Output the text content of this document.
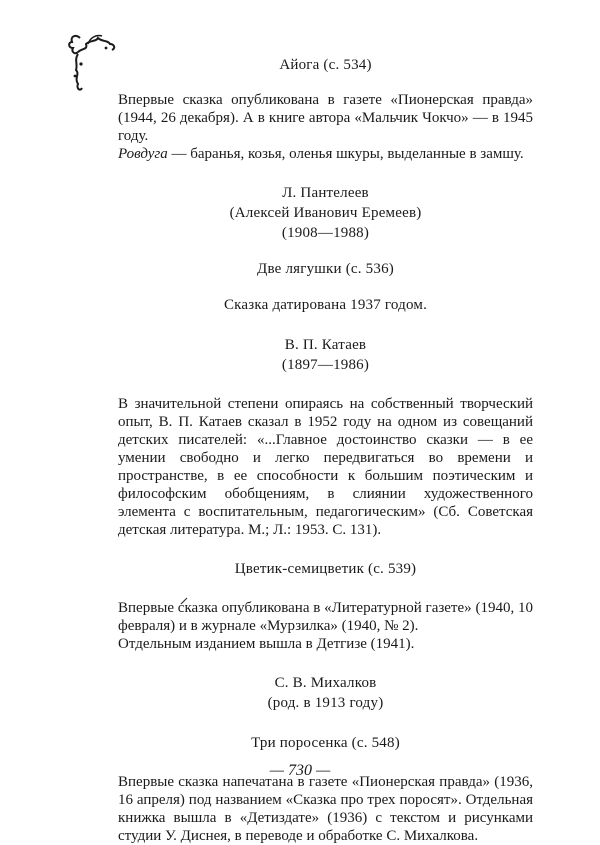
Айога (с. 534)

Впервые сказка опубликована в газете «Пионерская правда» (1944, 26 декабря). А в книге автора «Мальчик Чокчо» — в 1945 году.

Ровдуга — баранья, козья, оленья шкуры, выделанные в замшу.

Л. Пантелеев
(Алексей Иванович Еремеев)
(1908—1988)
Две лягушки (с. 536)
Сказка датирована 1937 годом.
В. П. Катаев
(1897—1986)

В значительной степени опираясь на собственный творческий опыт, В. П. Катаев сказал в 1952 году на одном из совещаний детских писателей: «...Главное достоинство сказки — в ее умении свободно и легко передвигаться во времени и пространстве, в ее способности к большим поэтическим и философским обобщениям, в слиянии художественного элемента с воспитательным, педагогическим» (Сб. Советская детская литература. М.; Л.: 1953. С. 131).

Цветик-семицветик (с. 539)

Впервые сказка опубликована в «Литературной газете» (1940, 10 февраля) и в журнале «Мурзилка» (1940, № 2).

Отдельным изданием вышла в Детгизе (1941).

С. В. Михалков
(род. в 1913 году)
Три поросенка (с. 548)

Впервые сказка напечатана в газете «Пионерская правда» (1936, 16 апреля) под названием «Сказка про трех поросят». Отдельная книжка вышла в «Детиздате» (1936) с текстом и рисунками студии У. Диснея, в переводе и обработке С. Михалкова.

— 730 —
